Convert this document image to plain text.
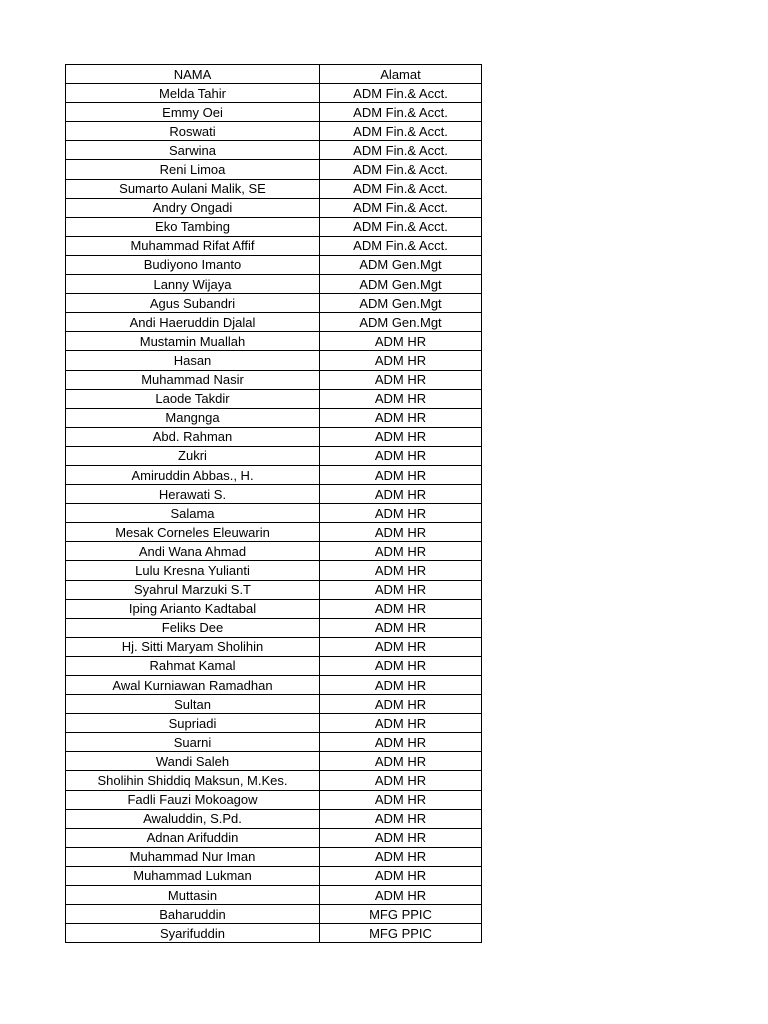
NAMA	Alamat
Melda Tahir	ADM Fin.& Acct.
Emmy Oei	ADM Fin.& Acct.
Roswati	ADM Fin.& Acct.
Sarwina	ADM Fin.& Acct.
Reni Limoa	ADM Fin.& Acct.
Sumarto Aulani Malik, SE	ADM Fin.& Acct.
Andry Ongadi	ADM Fin.& Acct.
Eko Tambing	ADM Fin.& Acct.
Muhammad Rifat Affif	ADM Fin.& Acct.
Budiyono Imanto	ADM Gen.Mgt
Lanny Wijaya	ADM Gen.Mgt
Agus Subandri	ADM Gen.Mgt
Andi Haeruddin Djalal	ADM Gen.Mgt
Mustamin Muallah	ADM HR
Hasan	ADM HR
Muhammad Nasir	ADM HR
Laode Takdir	ADM HR
Mangnga	ADM HR
Abd. Rahman	ADM HR
Zukri	ADM HR
Amiruddin Abbas., H.	ADM HR
Herawati S.	ADM HR
Salama	ADM HR
Mesak Corneles Eleuwarin	ADM HR
Andi Wana Ahmad	ADM HR
Lulu Kresna Yulianti	ADM HR
Syahrul Marzuki S.T	ADM HR
Iping Arianto Kadtabal	ADM HR
Feliks Dee	ADM HR
Hj. Sitti Maryam Sholihin	ADM HR
Rahmat Kamal	ADM HR
Awal Kurniawan Ramadhan	ADM HR
Sultan	ADM HR
Supriadi	ADM HR
Suarni	ADM HR
Wandi Saleh	ADM HR
Sholihin Shiddiq Maksun, M.Kes.	ADM HR
Fadli Fauzi Mokoagow	ADM HR
Awaluddin, S.Pd.	ADM HR
Adnan Arifuddin	ADM HR
Muhammad Nur Iman	ADM HR
Muhammad Lukman	ADM HR
Muttasin	ADM HR
Baharuddin	MFG PPIC
Syarifuddin	MFG PPIC
